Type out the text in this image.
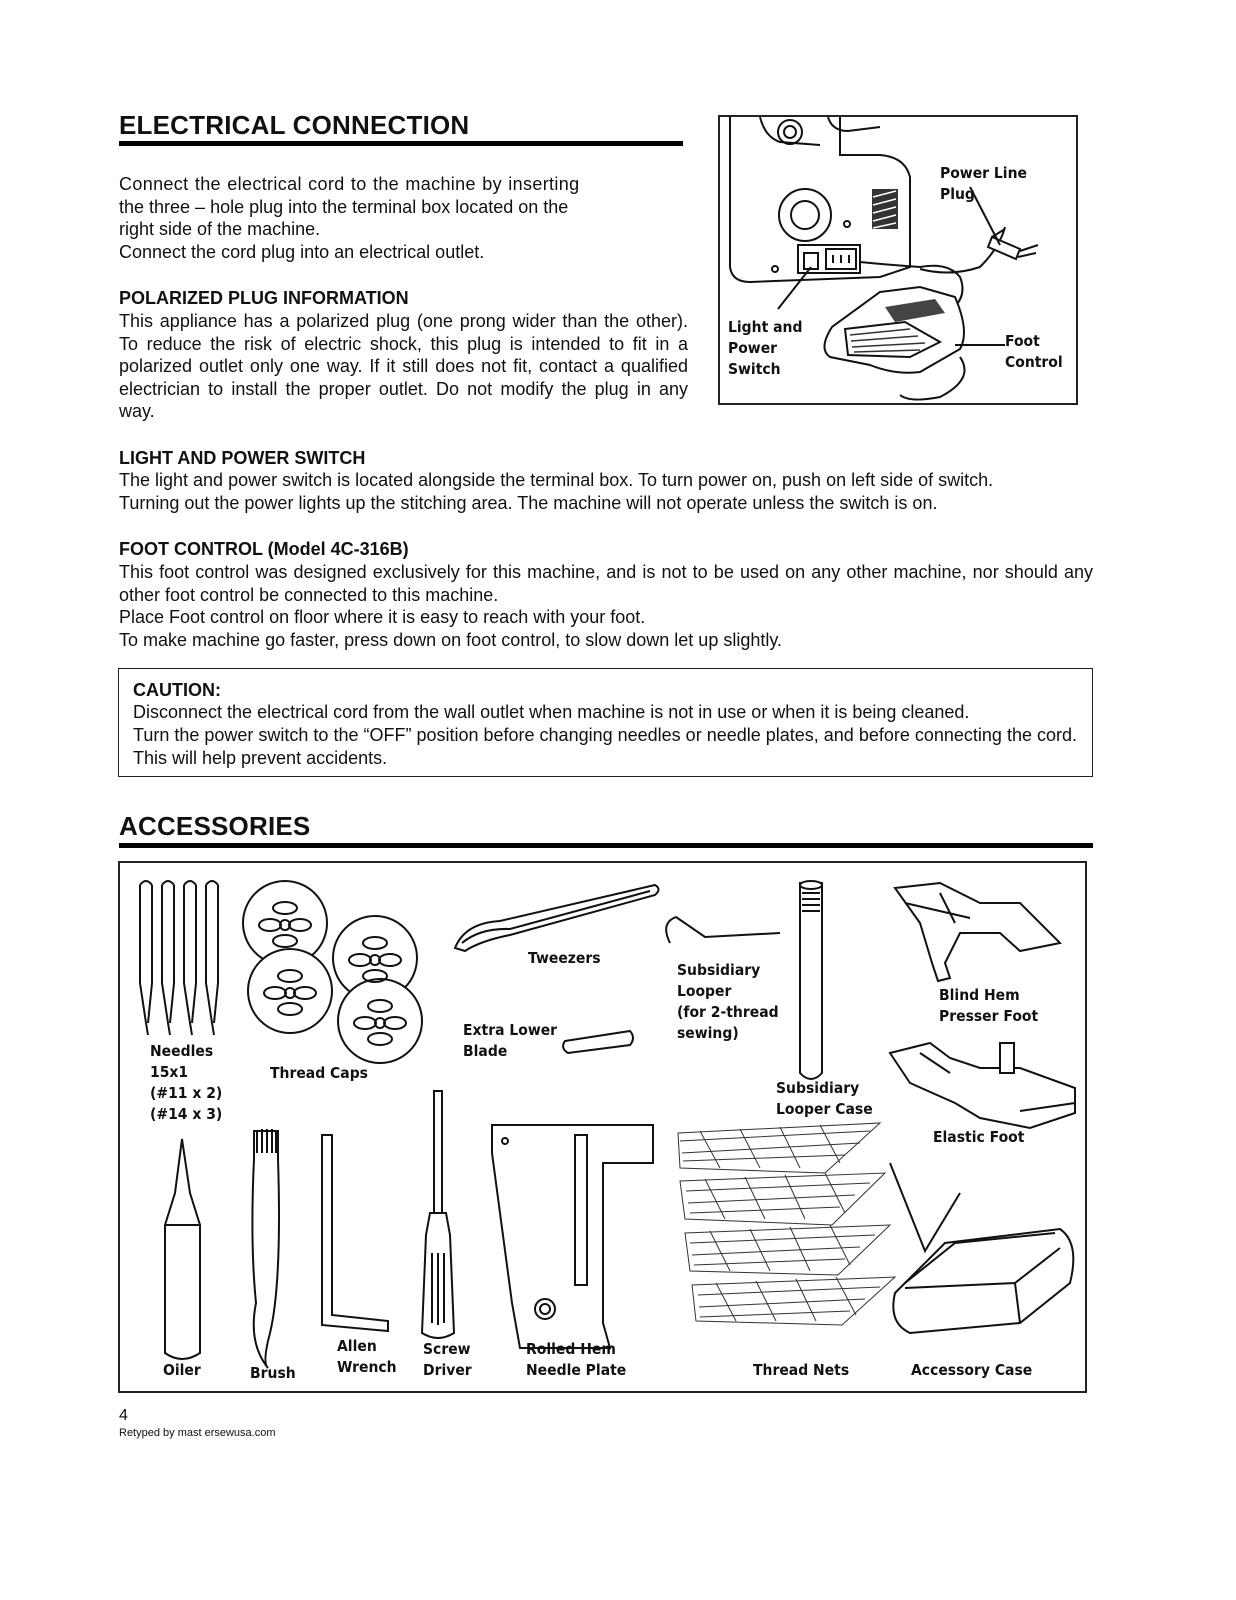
ELECTRICAL CONNECTION
Connect the electrical cord to the machine by inserting
the three – hole plug into the terminal box located on the
right side of the machine.
Connect the cord plug into an electrical outlet.
POLARIZED PLUG INFORMATION
This appliance has a polarized plug (one prong wider than the other). To reduce the risk of electric shock, this plug is intended to fit in a polarized outlet only one way. If it still does not fit, contact a qualified electrician to install the proper outlet. Do not modify the plug in any way.
Power Line
Plug
Light and
Power
Switch
Foot
Control
LIGHT AND POWER SWITCH
The light and power switch is located alongside the terminal box. To turn power on, push on left side of switch.
Turning out the power lights up the stitching area. The machine will not operate unless the switch is on.
FOOT CONTROL (Model 4C-316B)
This foot control was designed exclusively for this machine, and is not to be used on any other machine, nor should any other foot control be connected to this machine.
Place Foot control on floor where it is easy to reach with your foot.
To make machine go faster, press down on foot control, to slow down let up slightly.
CAUTION:
Disconnect the electrical cord from the wall outlet when machine is not in use or when it is being cleaned.
Turn the power switch to the “OFF” position before changing needles or needle plates, and before connecting the cord. This will help prevent accidents.
ACCESSORIES
Needles
15x1
(#11 x 2)
(#14 x 3)
Thread Caps
Tweezers
Extra Lower
Blade
Subsidiary
Looper
(for 2-thread
sewing)
Subsidiary
Looper Case
Blind Hem
Presser Foot
Elastic Foot
Oiler	Brush
Allen
Wrench
Screw
Driver
Rolled Hem
Needle Plate	Thread Nets	Accessory Case
4
Retyped by mast ersewusa.com
